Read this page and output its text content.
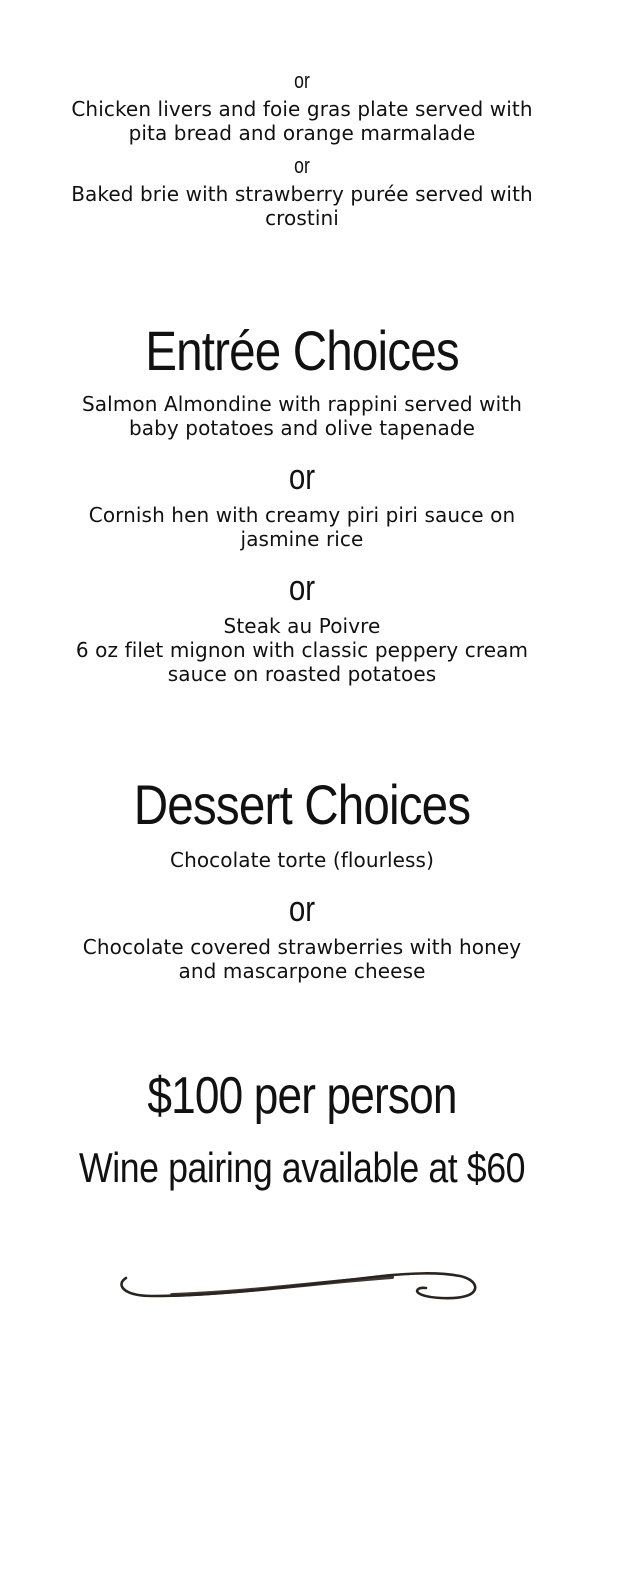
or
Chicken livers and foie gras plate served with
pita bread and orange marmalade
or
Baked brie with strawberry purée served with
crostini
Entrée Choices
Salmon Almondine with rappini served with
baby potatoes and olive tapenade
or
Cornish hen with creamy piri piri sauce on
jasmine rice
or
Steak au Poivre
6 oz filet mignon with classic peppery cream
sauce on roasted potatoes
Dessert Choices
Chocolate torte (flourless)
or
Chocolate covered strawberries with honey
and mascarpone cheese
$100 per person
Wine pairing available at $60
